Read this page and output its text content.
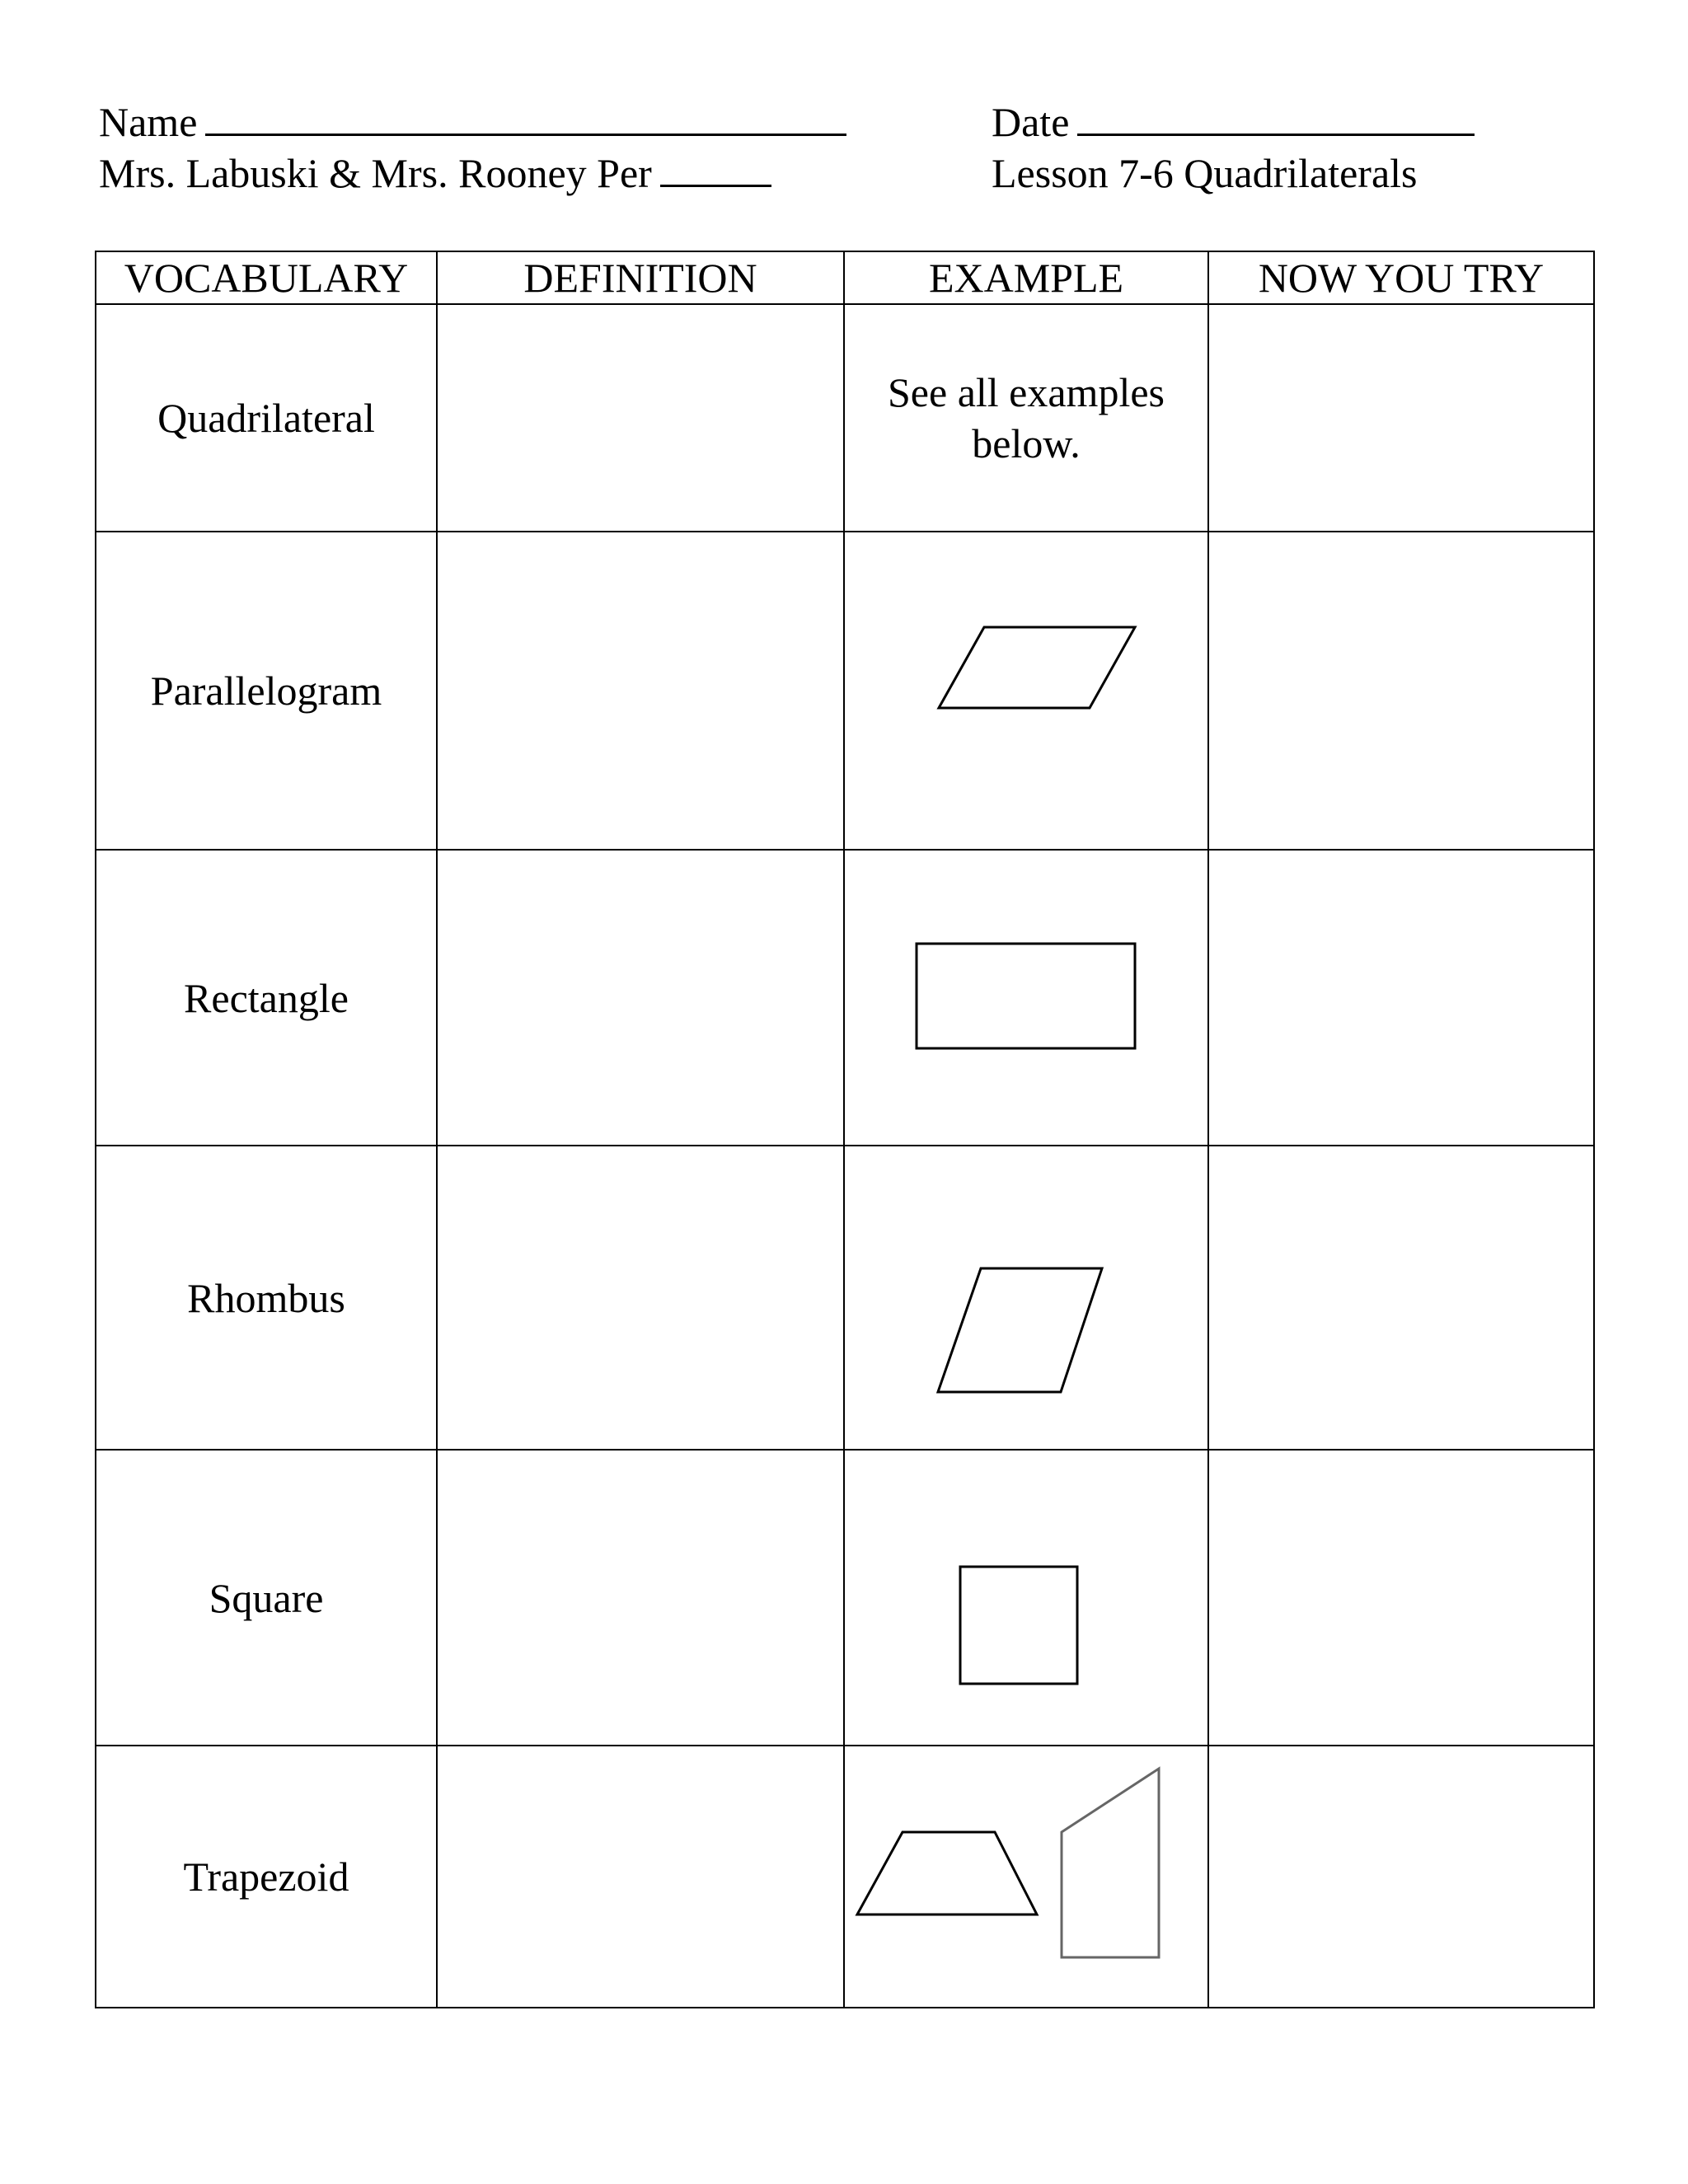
Name	Date
Mrs. Labuski & Mrs. Rooney Per	Lesson 7-6 Quadrilaterals
VOCABULARY	DEFINITION	EXAMPLE	NOW YOU TRY
Quadrilateral		See all examples below.	

Parallelogram		

Rectangle		

Rhombus		

Square		

Trapezoid		
